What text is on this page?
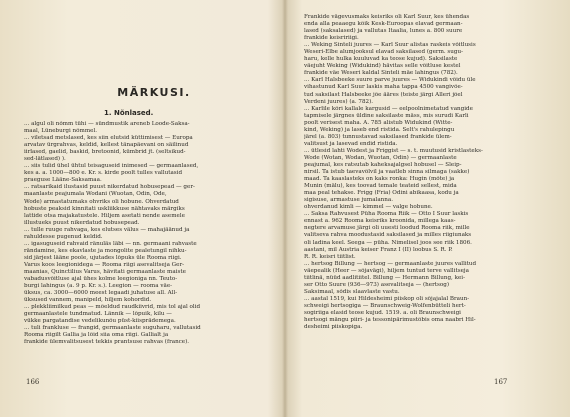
MÄRKUSI.
1. Nõnlased.
... algul oli nõmm tühi — sündmustik areneb Loode-Saksa-
maal, Lüneburgi nõmmel.
... viletsad metslased, kes siin elutsid küttimisest — Europa
arvatav ürgrahvas, keldid, kellest tänapäevani on säilinud
iirlased, gaelid, baskid, bretoonid, kümbrid jt. (seltsikud-
sed-lätlased) ).
... siis tulid ühel ühtul teisaguseid inimesed — germaanlased,
kes a. a. 1000—800 e. Kr. s. kirde poolt tulles vallutasid
praeguse Lääne-Saksamaa.
... ratsarikaid ilustasid puust nikerdatud hobusepead — ger-
maanlaste peajumala Wodani (Wuotan, Odin, Ode,
Wode) armastatumaks ohvriks oli hobune. Ohverdatud
hobuste peaksid kinnitati uskliikkuse nähtavaks märgiks
lattide otsa majakatustele. Hiljem asetati nende asemele
illustueks puust nikerdatud hobusepead.
... tulle ruuge rahvaga, kes elutses välus — mahajäänud ja
rahuldesse pugenud keldid.
... igasuguseid rahvaid ränuläs läbi — nn. germaani rahvaste
rändamine, kes ekavlaste ja mongolite pealetungil nihku-
sid järjest lääne poole, ujutades lõpuks üle Rooma riigi.
Varus koos leegionidega — Rooma riigi asevalitseja Ger-
maanias, Quinctilius Varus, hävitati germaanlaste maiste
vabadusvõitluse ajal ühes kolme leegioniga nn. Teuto-
burgi lahingus (a. 9 p. Kr. s.). Leegion — rooma väe-
üksus, ca. 3000—6000 meest legaadi juhatuse all. All-
üksused vannem, manipeld, hiljem kohordid.
... plekkliimilkud peas — mõeldud raudkiivrid, mis tol ajal olid
germaanlastele tundmatud. Lännik — lõpuik, kilu —
vükke pargatandise vedelikunõu püst-kiisprädemega.
... tuli frankluse — frangid, germaanlaste suguharu, vallutasid
Rooma riigilt Gallia ja lõid siia oma riigi. Gallialt ja
frankide ülemvalitsusest tekkis prantsuse rahvas (france).
166
Frankide vägevusmaks keisriks oli Karl Suur, kes ühendas
enda alla peaaegu kõik Kesk-Euroopas elavad germaan-
lased (saksalased) ja vallutas Itaalia, lunes a. 800 suure
frankide keisririigi.
... Weking Sinteli juures — Karl Suur alistas raskeis võitlusis
Weseri-Elbe alumjooksul elavad saksilased (germ. sugu-
haru, kelle hulka kuuluvad ka teose kujud). Saksilaste
väejuht Weking (Widukind) hävitas selle võitluse kestel
frankide väe Weseri kaldal Sinteli mäe lahingus (782).
... Karl Halsbeeke suure parve juures — Widukindi võidu üle
vihastunud Karl Suur laskis maha tappa 4500 vangivõe-
tud saksilast Halsbeeke jõe ääres (teiste järgi Alleri jõel
Verdeni juures) (a. 782).
... Karlile kõri kallale kargusid — eelpoolnimetatud vangide
tapmisele järgnes üldine saksilaste mäss, mis surudi Karli
poolt verisest maha. A. 785 alistub Widukind (Witte-
kind, Weking) ja laseb end ristida. Selt's rahulepingu
järel (a. 803) tunnustavad saksilased frankide ülem-
valitsust ja lasevad endid ristida.
... ütlesid lahti Wodest ja Friggist — s. t. muutusid kristlasteks-
Wode (Wotan, Wodan, Wuotan, Odin) — germaanlaste
peajumal, kes ratsutab kaheksajalgsel hobusel — Sleip-
nirsil. Ta istub taevavõlvil ja vaatleb sinna silmaga (sakke)
maad. Ta kaaslasteks on kaks ronka: Hugin (mõte) ja
Munin (mälu), kes toovad temale teateid sellest, mida
maa peal tehakse. Frigg (Fria) Odini abikaasa, kodu ja
sigisuse, armastuse jumalanna.
ohverdanud kimli — kimmel — valge hobune.
... Saksa Rahvusest Püha Rooma Riik — Otto I Suur laskis
ennast a. 962 Rooma keisriks kroonida, millega kaas-
negtere arvamuse järgi oli uuesti loodud Rooma riik, mille
valitseva rahva moodustasid saksilased ja milles riigiunaks
oli ladina keel. Seega — püha. Nimelisel joos see riik 1806.
aastani, mil Austria keiser Franz I (II) loobus S. R. P.
R. R. keisri tiitlist.
... hertsog Billung — hertsog — germaanlaste juures vallitud
väepealik (Heer — sõjavägi), hiljem tuntud terve vallitseja
tiitlinä, nüüd aadlitiitel. Billung — Hermann Billung, kei-
ser Otto Suure (936—973) asevalitseja — (hertsog)
Saksimaal, sõdis slaavlaste vastu.
... aastal 1519, kui Hildesheimi piiskop oli sõjajalal Braun-
schweigi hertsogiga — Braunschweig-Wolfenbütteli hert-
sogiriiga elasid teose kujud. 1519. a. oli Braunschweigi
hertsogi mängu piiri- ja tessonipärimustõbis oma naabri Hil-
desheimi piiskopiga.
167
